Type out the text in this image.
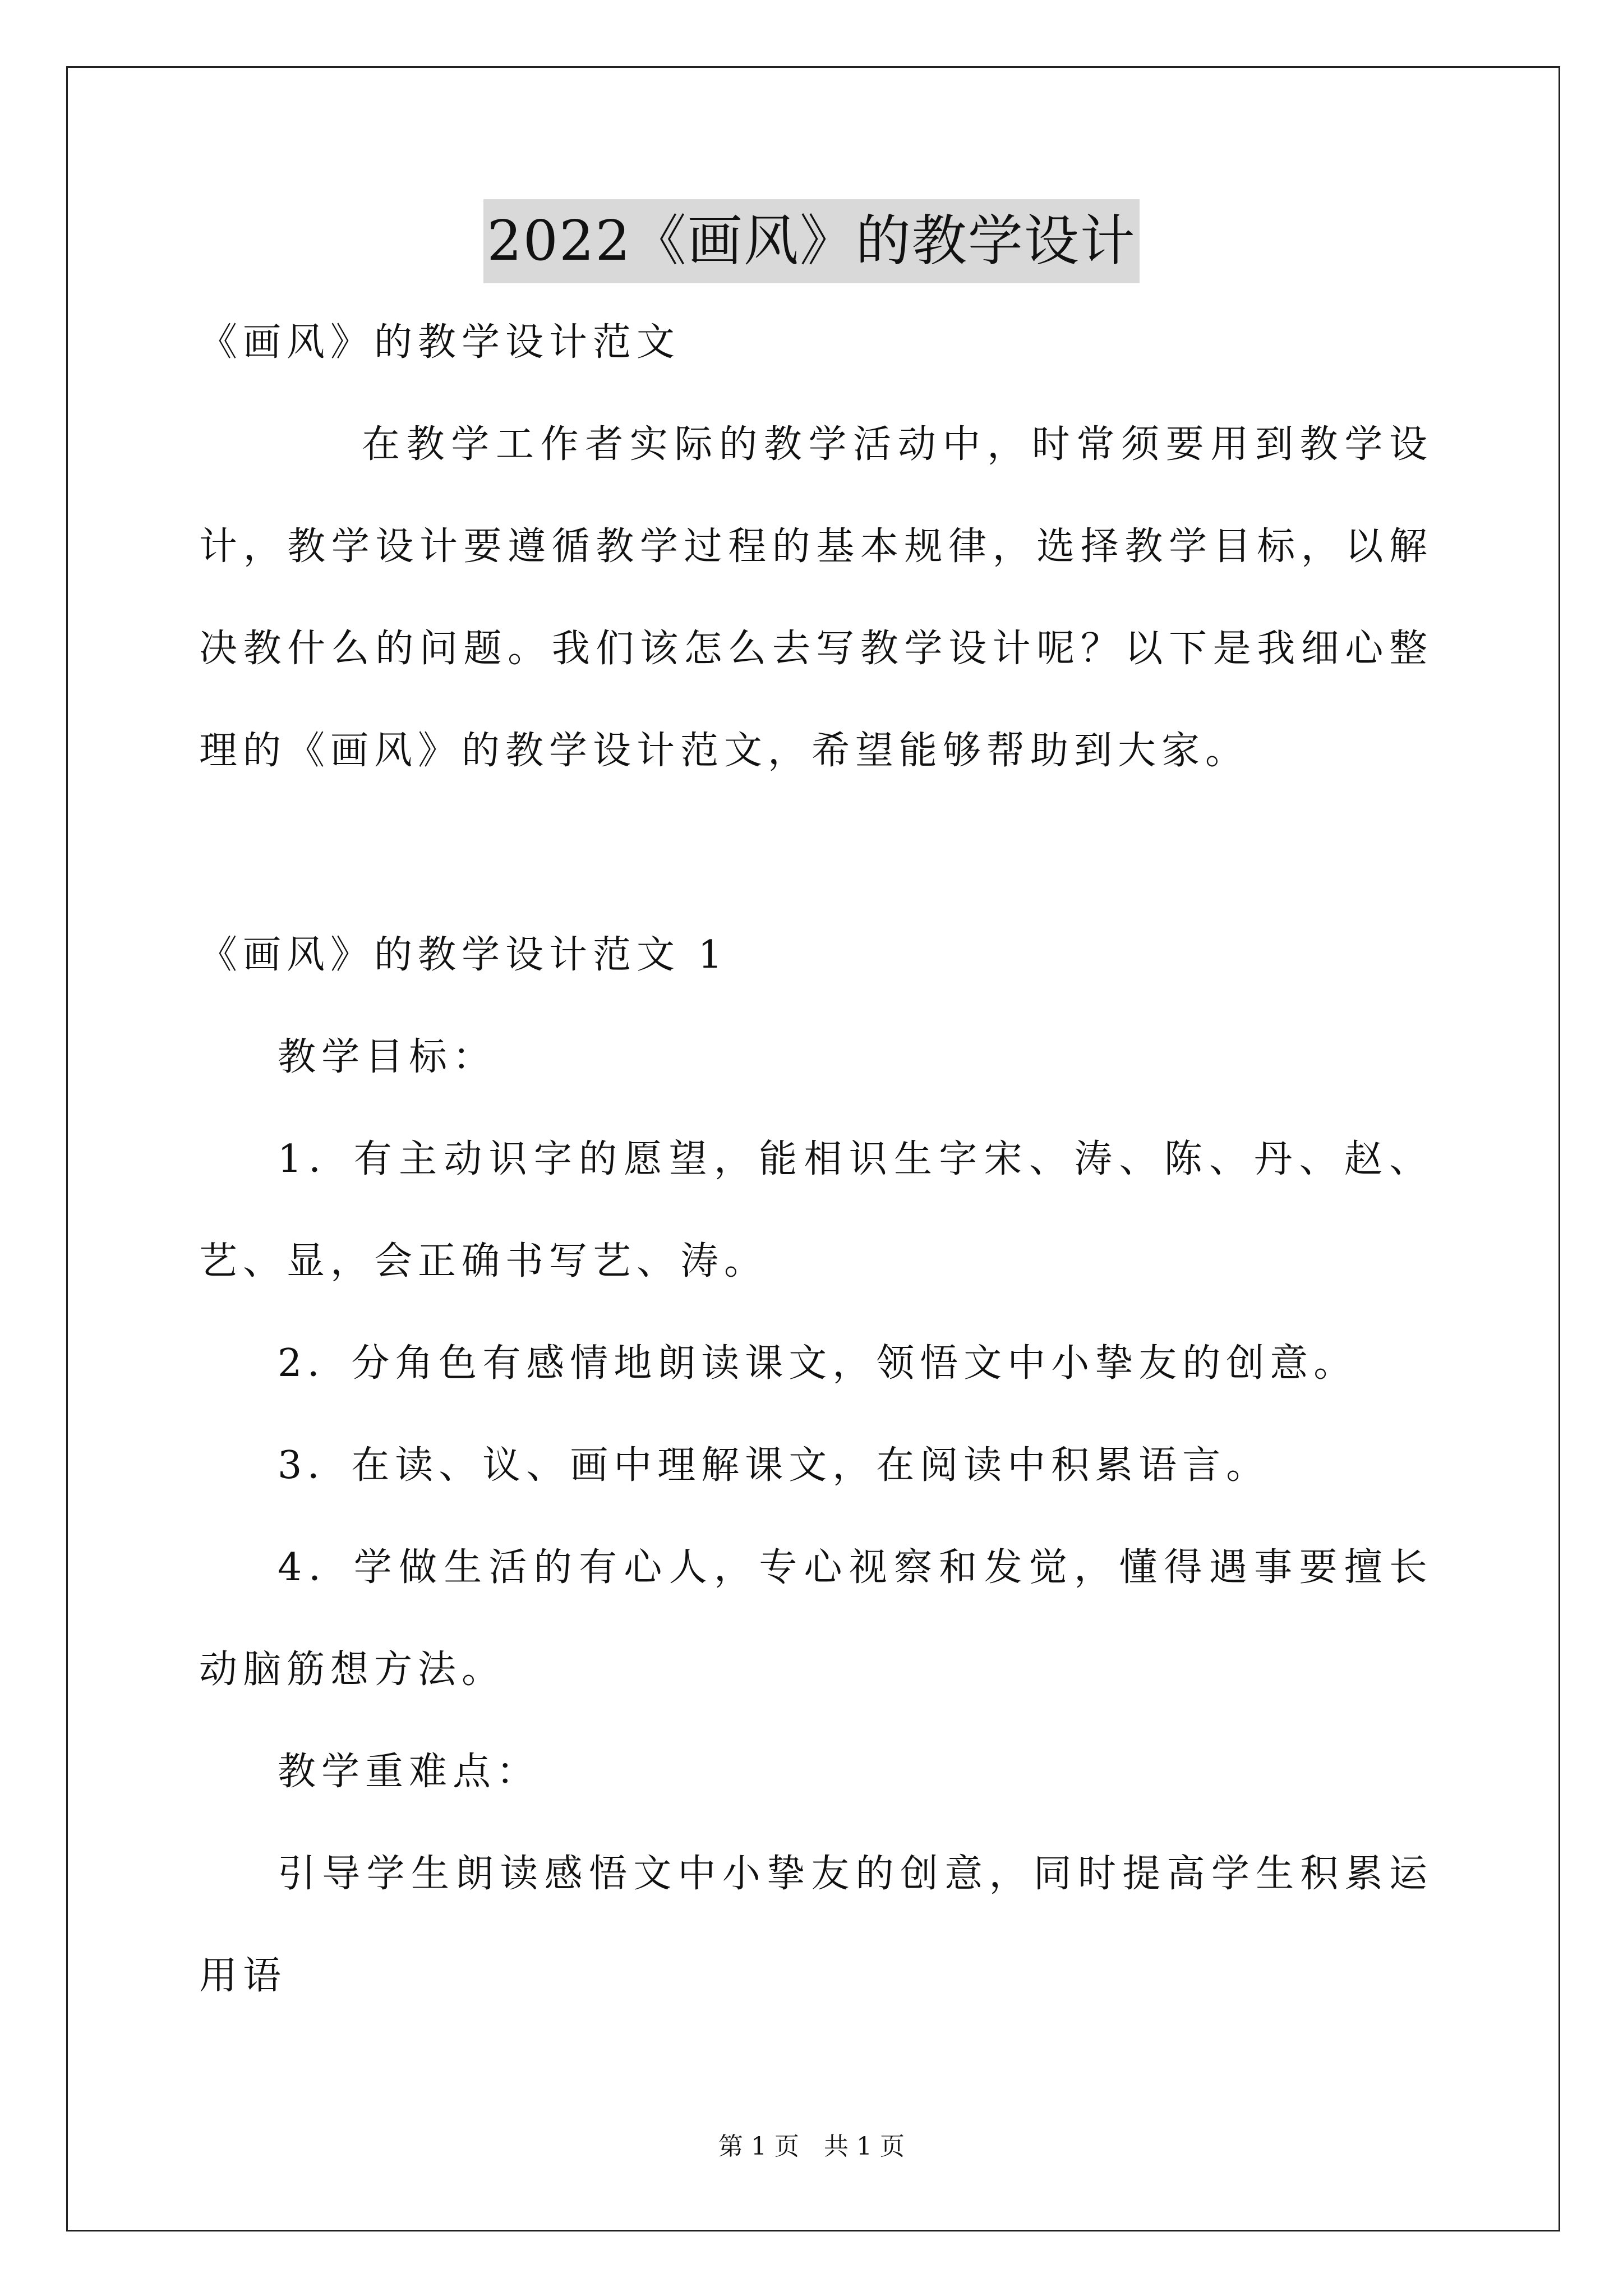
2022《画风》的教学设计

《画风》的教学设计范文

在教学工作者实际的教学活动中，时常须要用到教学设计，教学设计要遵循教学过程的基本规律，选择教学目标，以解决教什么的问题。我们该怎么去写教学设计呢？以下是我细心整理的《画风》的教学设计范文，希望能够帮助到大家。

《画风》的教学设计范文 1

教学目标：

1．有主动识字的愿望，能相识生字宋、涛、陈、丹、赵、艺、显，会正确书写艺、涛。

2．分角色有感情地朗读课文，领悟文中小挚友的创意。

3．在读、议、画中理解课文，在阅读中积累语言。

4．学做生活的有心人，专心视察和发觉，懂得遇事要擅长动脑筋想方法。

教学重难点：

引导学生朗读感悟文中小挚友的创意，同时提高学生积累运用语

第 1 页　共 1 页
